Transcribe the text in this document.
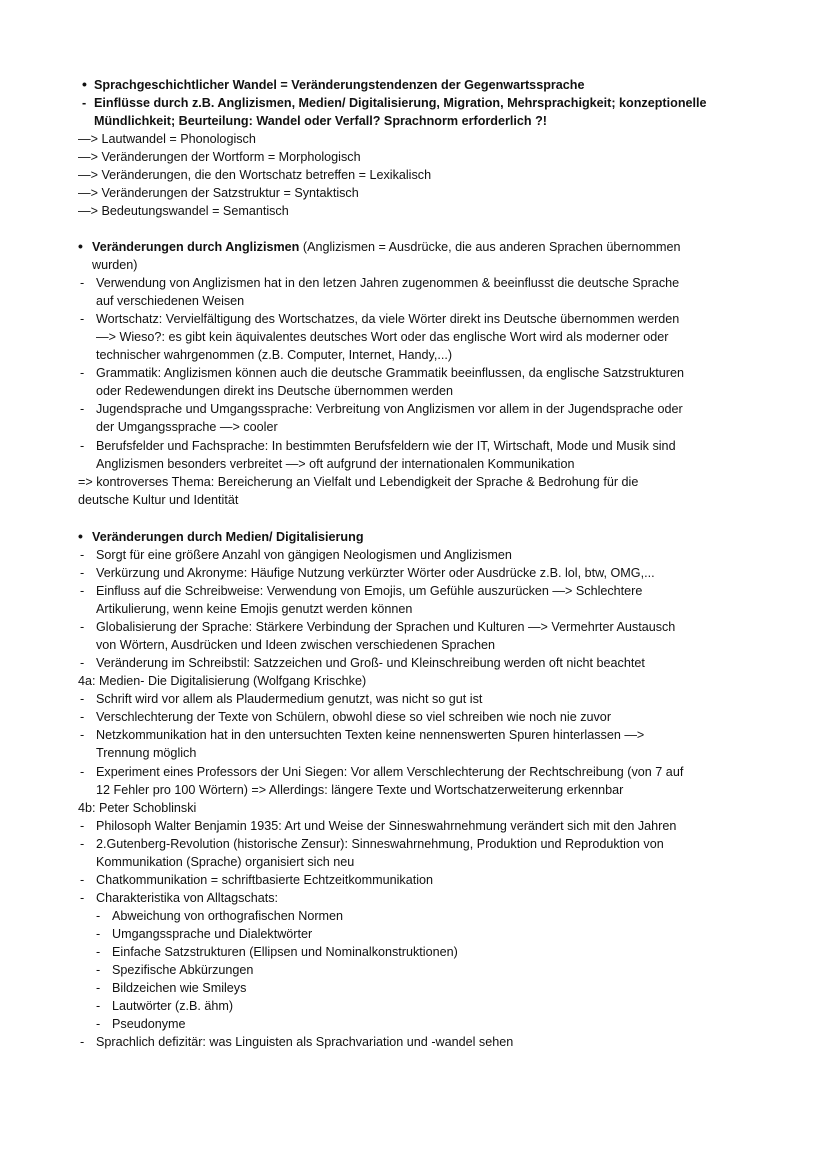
• Sprachgeschichtlicher Wandel = Veränderungstendenzen der Gegenwartssprache
- Einflüsse durch z.B. Anglizismen, Medien/ Digitalisierung, Migration, Mehrsprachigkeit; konzeptionelle
Mündlichkeit; Beurteilung: Wandel oder Verfall? Sprachnorm erforderlich ?!
—> Lautwandel = Phonologisch
—> Veränderungen der Wortform = Morphologisch
—> Veränderungen, die den Wortschatz betreffen = Lexikalisch
—> Veränderungen der Satzstruktur = Syntaktisch
—> Bedeutungswandel = Semantisch
• Veränderungen durch Anglizismen (Anglizismen = Ausdrücke, die aus anderen Sprachen übernommen
wurden)
- Verwendung von Anglizismen hat in den letzen Jahren zugenommen & beeinflusst die deutsche Sprache
auf verschiedenen Weisen
- Wortschatz: Vervielfältigung des Wortschatzes, da viele Wörter direkt ins Deutsche übernommen werden
—> Wieso?: es gibt kein äquivalentes deutsches Wort oder das englische Wort wird als moderner oder
technischer wahrgenommen (z.B. Computer, Internet, Handy,...)
- Grammatik: Anglizismen können auch die deutsche Grammatik beeinflussen, da englische Satzstrukturen
oder Redewendungen direkt ins Deutsche übernommen werden
- Jugendsprache und Umgangssprache: Verbreitung von Anglizismen vor allem in der Jugendsprache oder
der Umgangssprache —> cooler
- Berufsfelder und Fachsprache: In bestimmten Berufsfeldern wie der IT, Wirtschaft, Mode und Musik sind
Anglizismen besonders verbreitet —> oft aufgrund der internationalen Kommunikation
=> kontroverses Thema: Bereicherung an Vielfalt und Lebendigkeit der Sprache & Bedrohung für die
deutsche Kultur und Identität
• Veränderungen durch Medien/ Digitalisierung
- Sorgt für eine größere Anzahl von gängigen Neologismen und Anglizismen
- Verkürzung und Akronyme: Häufige Nutzung verkürzter Wörter oder Ausdrücke z.B. lol, btw, OMG,...
- Einfluss auf die Schreibweise: Verwendung von Emojis, um Gefühle auszurücken —> Schlechtere
Artikulierung, wenn keine Emojis genutzt werden können
- Globalisierung der Sprache: Stärkere Verbindung der Sprachen und Kulturen —> Vermehrter Austausch
von Wörtern, Ausdrücken und Ideen zwischen verschiedenen Sprachen
- Veränderung im Schreibstil: Satzzeichen und Groß- und Kleinschreibung werden oft nicht beachtet
4a: Medien- Die Digitalisierung (Wolfgang Krischke)
- Schrift wird vor allem als Plaudermedium genutzt, was nicht so gut ist
- Verschlechterung der Texte von Schülern, obwohl diese so viel schreiben wie noch nie zuvor
- Netzkommunikation hat in den untersuchten Texten keine nennenswerten Spuren hinterlassen —>
Trennung möglich
- Experiment eines Professors der Uni Siegen: Vor allem Verschlechterung der Rechtschreibung (von 7 auf
12 Fehler pro 100 Wörtern) => Allerdings: längere Texte und Wortschatzerweiterung erkennbar
4b: Peter Schoblinski
- Philosoph Walter Benjamin 1935: Art und Weise der Sinneswahrnehmung verändert sich mit den Jahren
- 2.Gutenberg-Revolution (historische Zensur): Sinneswahrnehmung, Produktion und Reproduktion von
Kommunikation (Sprache) organisiert sich neu
- Chatkommunikation = schriftbasierte Echtzeitkommunikation
- Charakteristika von Alltagschats:
- Abweichung von orthografischen Normen
- Umgangssprache und Dialektwörter
- Einfache Satzstrukturen (Ellipsen und Nominalkonstruktionen)
- Spezifische Abkürzungen
- Bildzeichen wie Smileys
- Lautwörter (z.B. ähm)
- Pseudonyme
- Sprachlich defizitär: was Linguisten als Sprachvariation und -wandel sehen
